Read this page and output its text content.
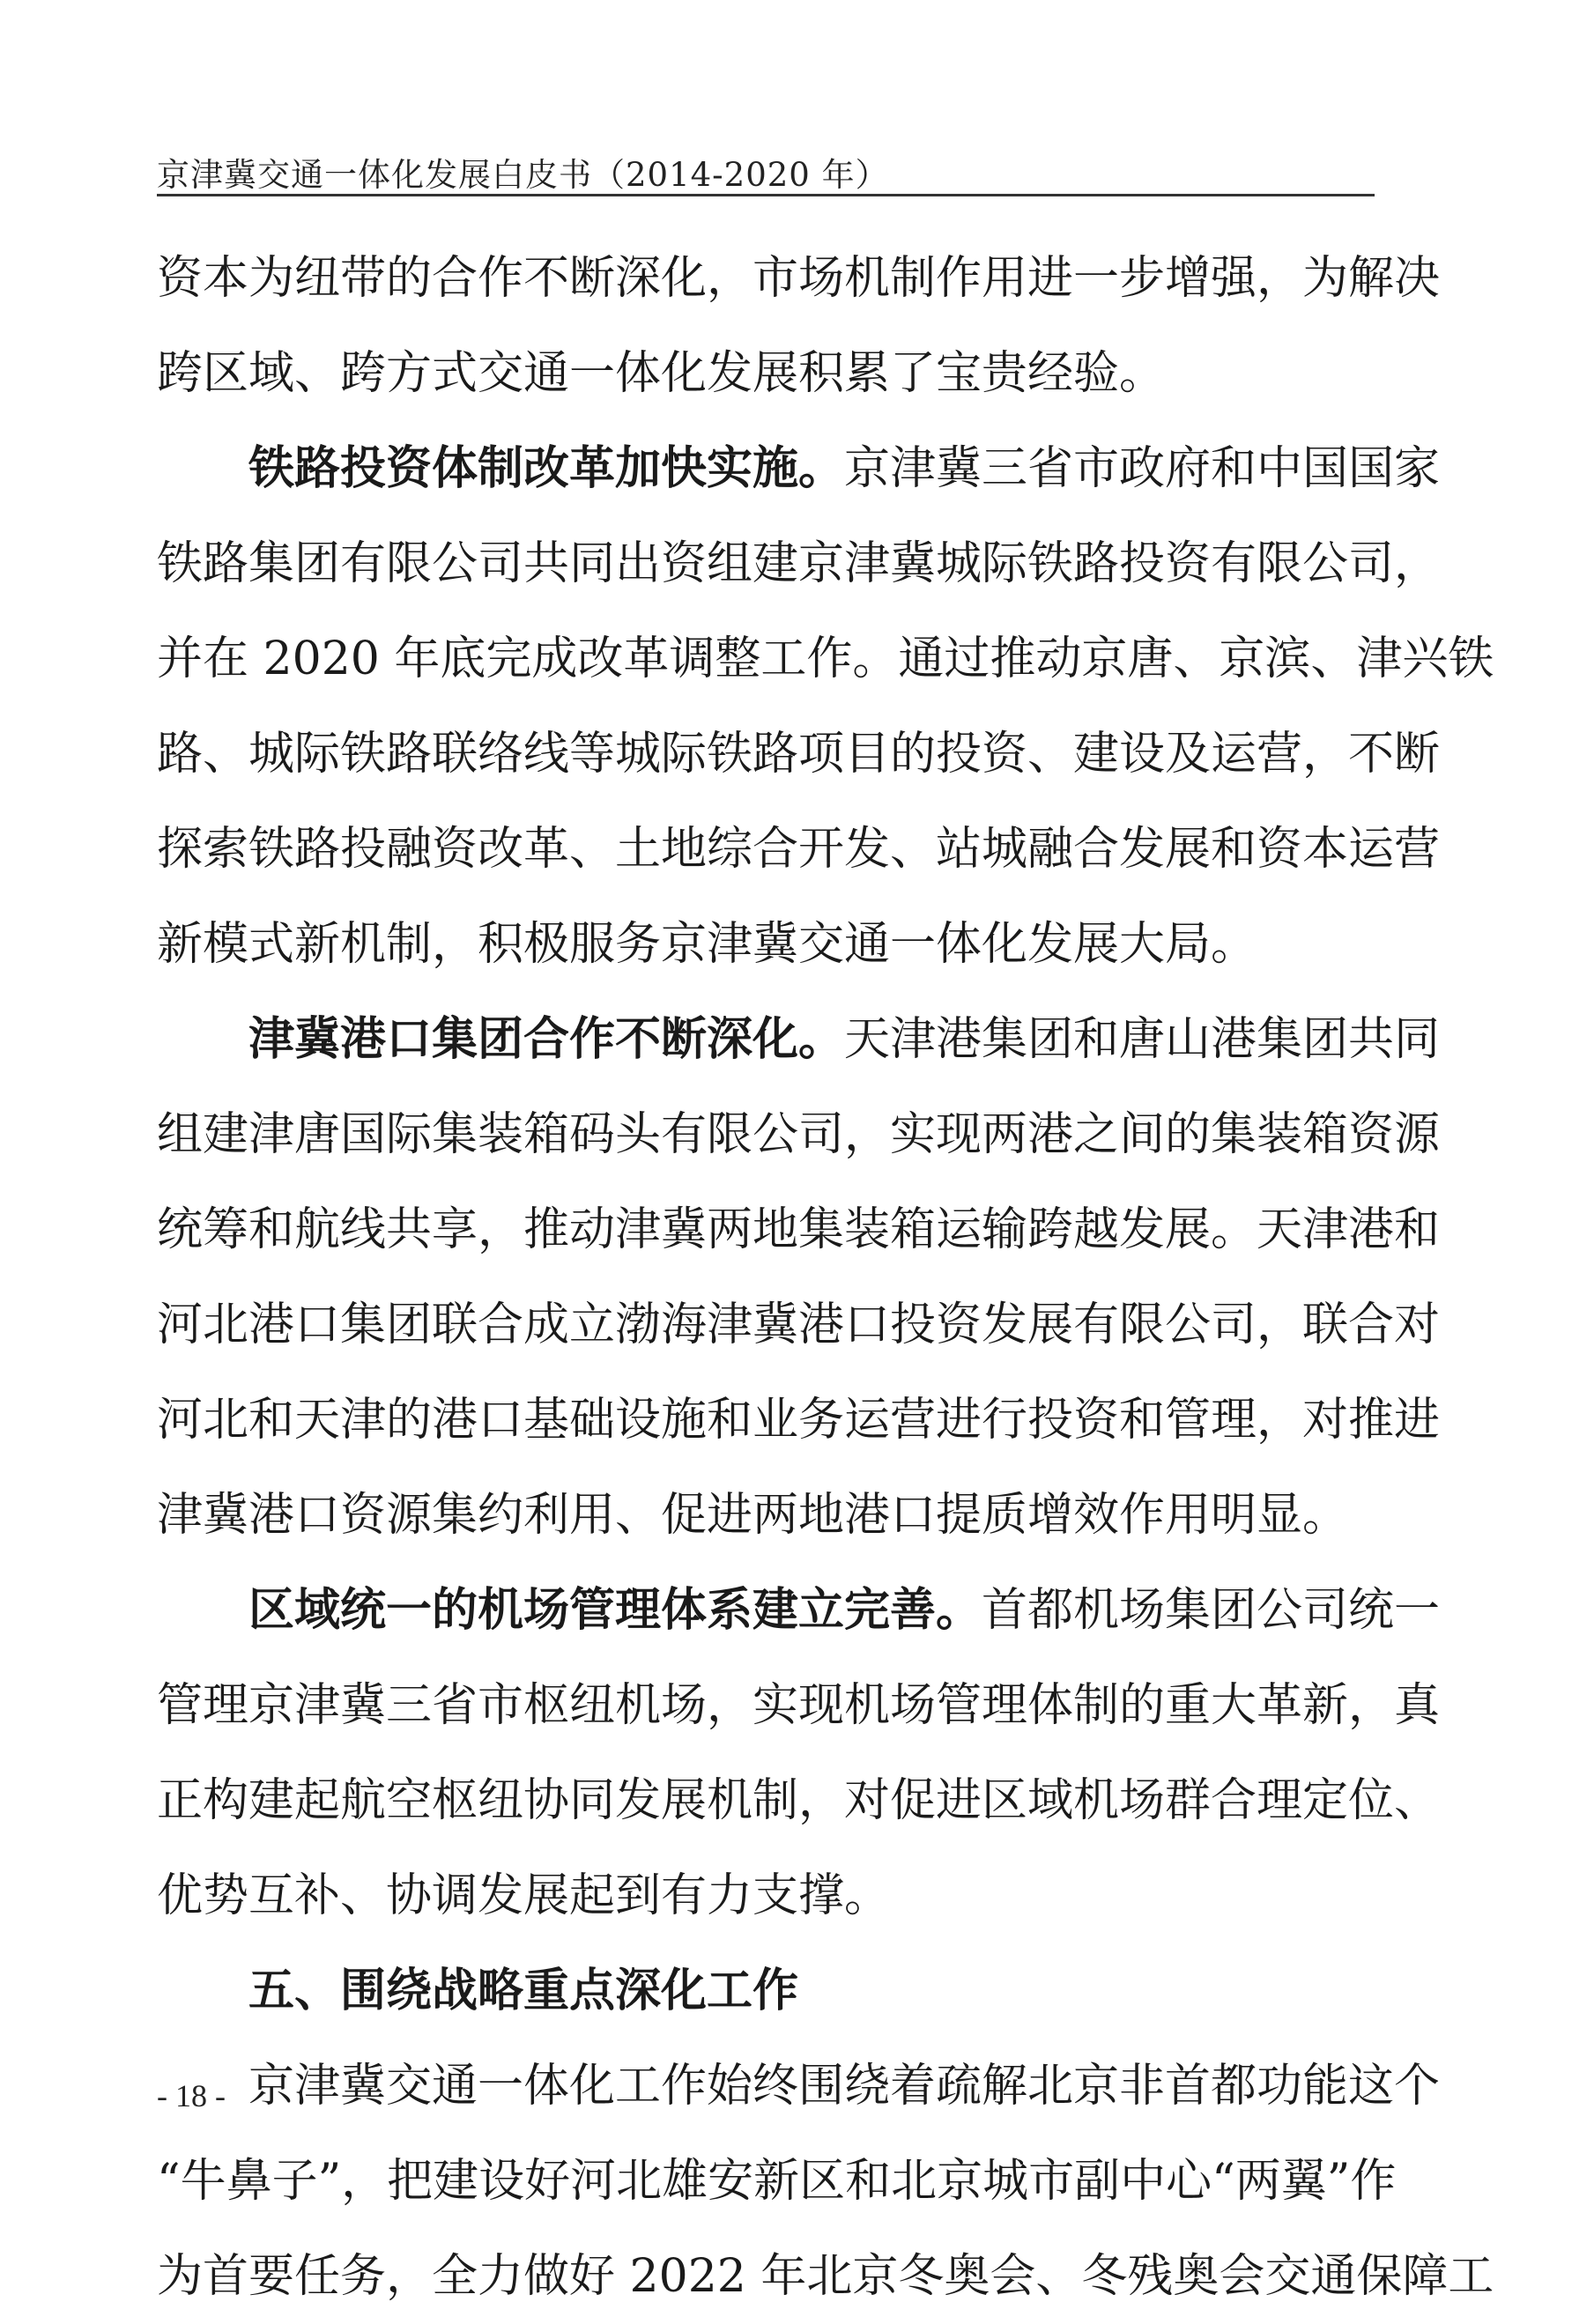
京津冀交通一体化发展白皮书（2014-2020 年）
资本为纽带的合作不断深化，市场机制作用进一步增强，为解决
跨区域、跨方式交通一体化发展积累了宝贵经验。
铁路投资体制改革加快实施。京津冀三省市政府和中国国家
铁路集团有限公司共同出资组建京津冀城际铁路投资有限公司，
并在 2020 年底完成改革调整工作。通过推动京唐、京滨、津兴铁
路、城际铁路联络线等城际铁路项目的投资、建设及运营，不断
探索铁路投融资改革、土地综合开发、站城融合发展和资本运营
新模式新机制，积极服务京津冀交通一体化发展大局。
津冀港口集团合作不断深化。天津港集团和唐山港集团共同
组建津唐国际集装箱码头有限公司，实现两港之间的集装箱资源
统筹和航线共享，推动津冀两地集装箱运输跨越发展。天津港和
河北港口集团联合成立渤海津冀港口投资发展有限公司，联合对
河北和天津的港口基础设施和业务运营进行投资和管理，对推进
津冀港口资源集约利用、促进两地港口提质增效作用明显。
区域统一的机场管理体系建立完善。首都机场集团公司统一
管理京津冀三省市枢纽机场，实现机场管理体制的重大革新，真
正构建起航空枢纽协同发展机制，对促进区域机场群合理定位、
优势互补、协调发展起到有力支撑。
五、围绕战略重点深化工作
京津冀交通一体化工作始终围绕着疏解北京非首都功能这个
“牛鼻子”，把建设好河北雄安新区和北京城市副中心“两翼”作
为首要任务，全力做好 2022 年北京冬奥会、冬残奥会交通保障工
- 18 -
